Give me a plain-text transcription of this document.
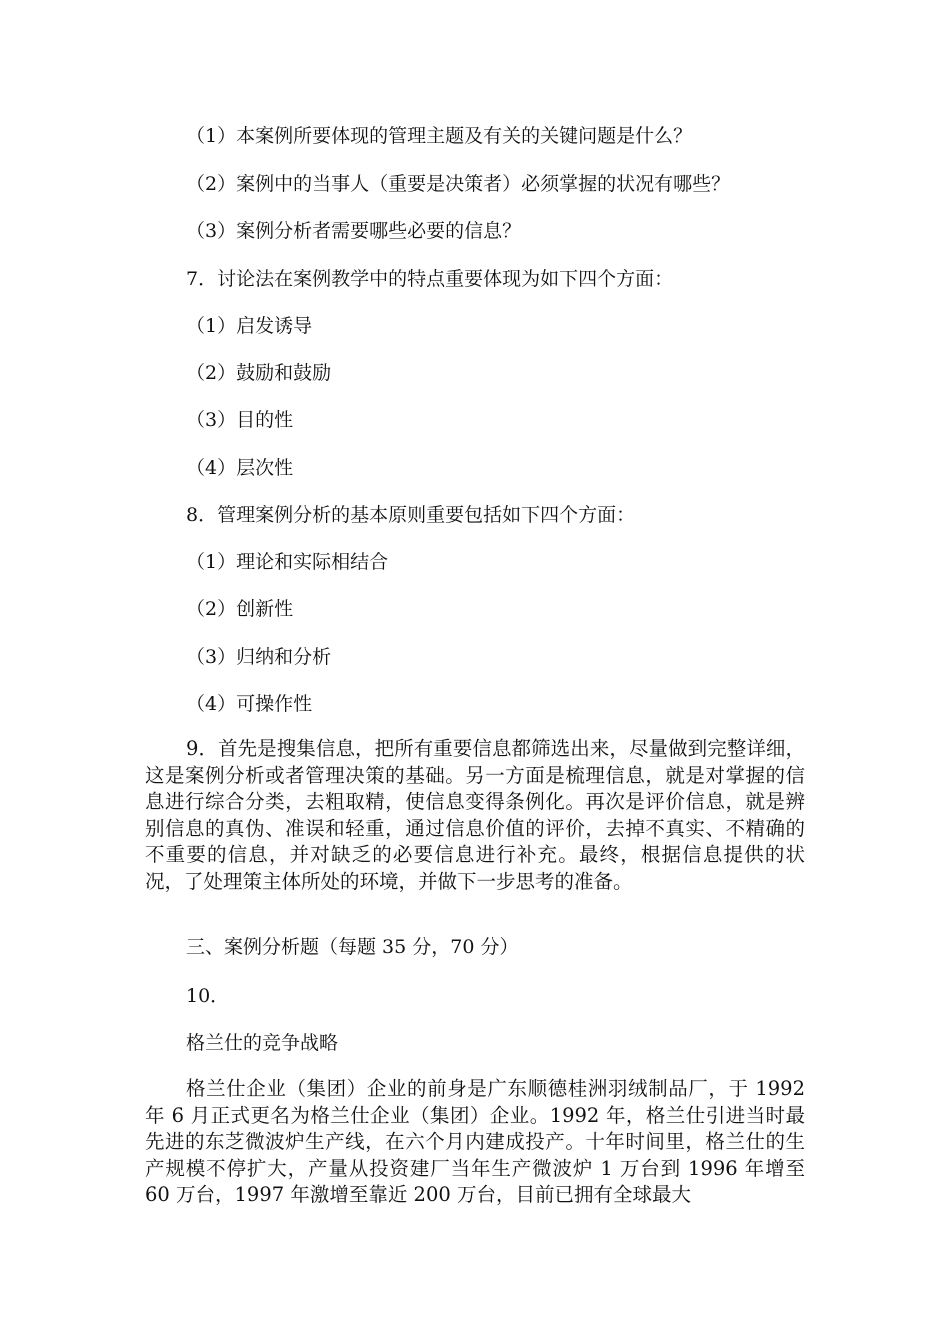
（1）本案例所要体现的管理主题及有关的关键问题是什么？
（2）案例中的当事人（重要是决策者）必须掌握的状况有哪些？
（3）案例分析者需要哪些必要的信息？
7．讨论法在案例教学中的特点重要体现为如下四个方面：
（1）启发诱导
（2）鼓励和鼓励
（3）目的性
（4）层次性
8．管理案例分析的基本原则重要包括如下四个方面：
（1）理论和实际相结合
（2）创新性
（3）归纳和分析
（4）可操作性
9．首先是搜集信息，把所有重要信息都筛选出来，尽量做到完整详细，这是案例分析或者管理决策的基础。另一方面是梳理信息，就是对掌握的信息进行综合分类，去粗取精，使信息变得条例化。再次是评价信息，就是辨别信息的真伪、准误和轻重，通过信息价值的评价，去掉不真实、不精确的不重要的信息，并对缺乏的必要信息进行补充。最终，根据信息提供的状况，了处理策主体所处的环境，并做下一步思考的准备。
三、案例分析题（每题 35 分，70 分）
10．
格兰仕的竞争战略
格兰仕企业（集团）企业的前身是广东顺德桂洲羽绒制品厂，于 1992 年 6 月正式更名为格兰仕企业（集团）企业。1992 年，格兰仕引进当时最先进的东芝微波炉生产线，在六个月内建成投产。十年时间里，格兰仕的生产规模不停扩大，产量从投资建厂当年生产微波炉 1 万台到 1996 年增至 60 万台，1997 年激增至靠近 200 万台，目前已拥有全球最大
